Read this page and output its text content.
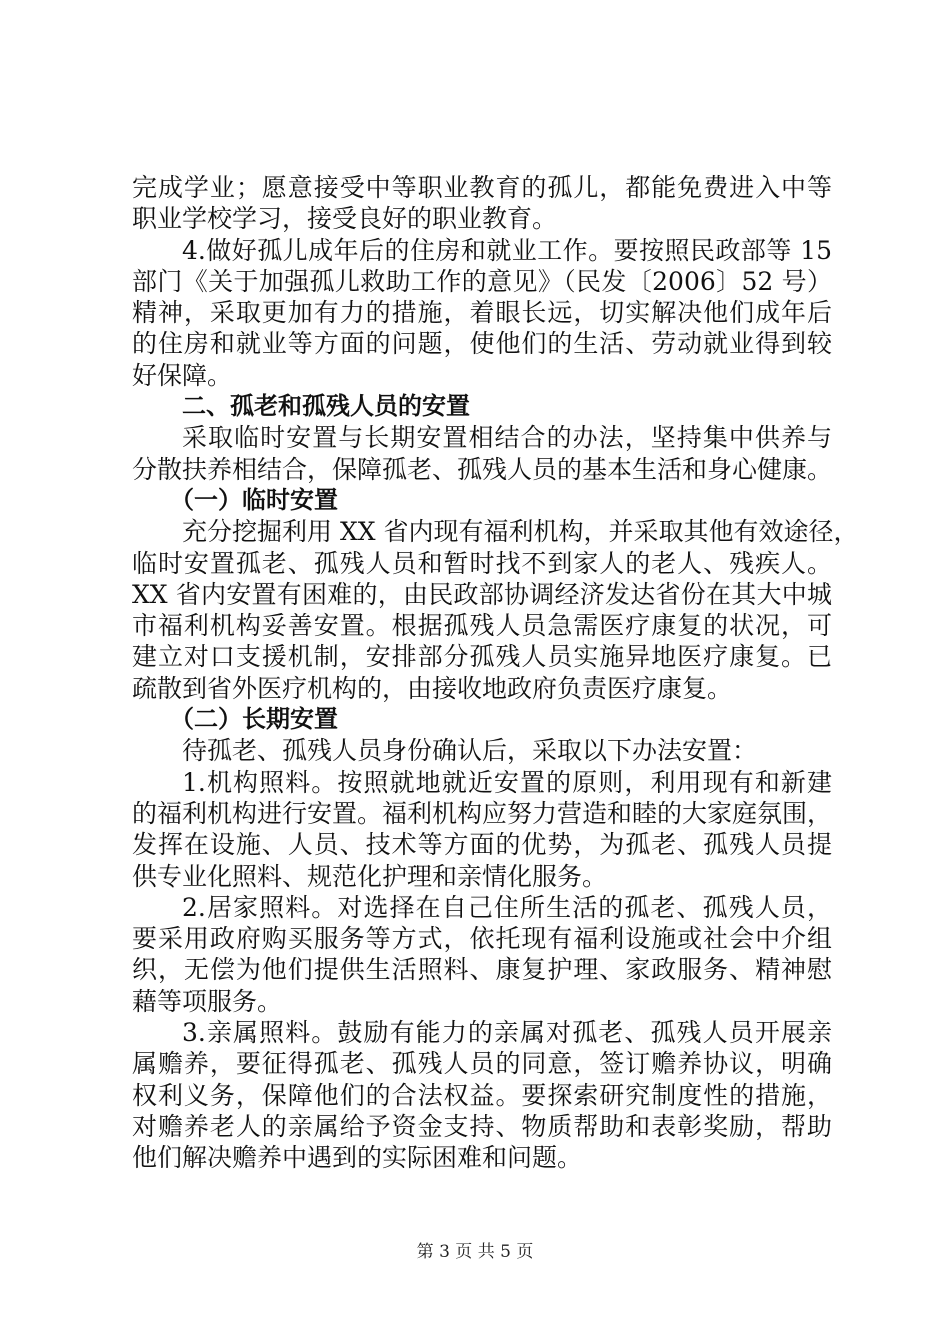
完成学业；愿意接受中等职业教育的孤儿，都能免费进入中等
职业学校学习，接受良好的职业教育。
4.做好孤儿成年后的住房和就业工作。要按照民政部等 15
部门《关于加强孤儿救助工作的意见》（民发〔2006〕52 号）
精神，采取更加有力的措施，着眼长远，切实解决他们成年后
的住房和就业等方面的问题，使他们的生活、劳动就业得到较
好保障。
二、孤老和孤残人员的安置
采取临时安置与长期安置相结合的办法，坚持集中供养与
分散扶养相结合，保障孤老、孤残人员的基本生活和身心健康。
（一）临时安置
充分挖掘利用 XX 省内现有福利机构，并采取其他有效途径，
临时安置孤老、孤残人员和暂时找不到家人的老人、残疾人。
XX 省内安置有困难的，由民政部协调经济发达省份在其大中城
市福利机构妥善安置。根据孤残人员急需医疗康复的状况，可
建立对口支援机制，安排部分孤残人员实施异地医疗康复。已
疏散到省外医疗机构的，由接收地政府负责医疗康复。
（二）长期安置
待孤老、孤残人员身份确认后，采取以下办法安置：
1.机构照料。按照就地就近安置的原则，利用现有和新建
的福利机构进行安置。福利机构应努力营造和睦的大家庭氛围，
发挥在设施、人员、技术等方面的优势，为孤老、孤残人员提
供专业化照料、规范化护理和亲情化服务。
2.居家照料。对选择在自己住所生活的孤老、孤残人员，
要采用政府购买服务等方式，依托现有福利设施或社会中介组
织，无偿为他们提供生活照料、康复护理、家政服务、精神慰
藉等项服务。
3.亲属照料。鼓励有能力的亲属对孤老、孤残人员开展亲
属赡养，要征得孤老、孤残人员的同意，签订赡养协议，明确
权利义务，保障他们的合法权益。要探索研究制度性的措施，
对赡养老人的亲属给予资金支持、物质帮助和表彰奖励，帮助
他们解决赡养中遇到的实际困难和问题。
第 3 页 共 5 页
